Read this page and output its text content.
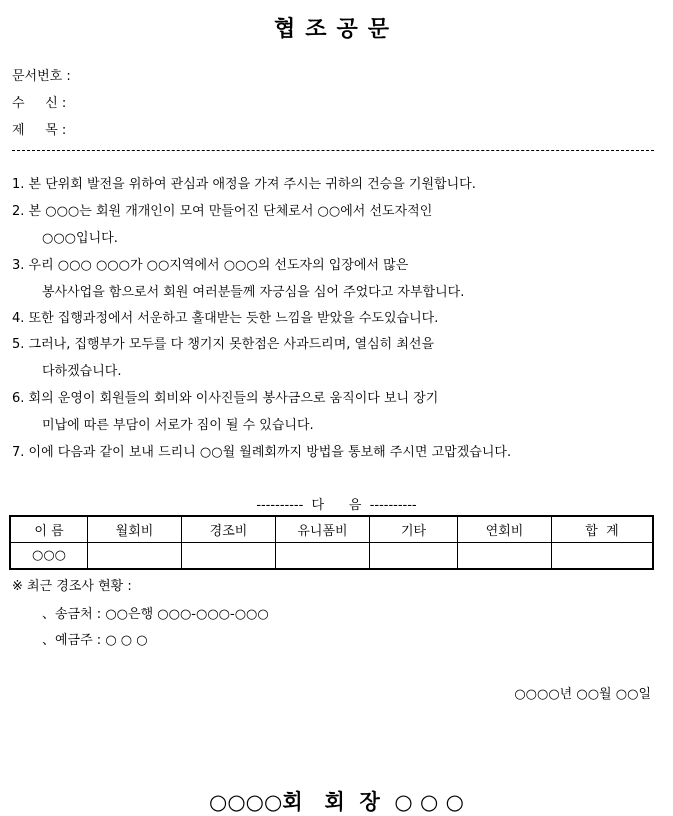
협조공문
문서번호 :
수     신 :
제     목 :
1. 본 단위회 발전을 위하여 관심과 애정을 가져 주시는 귀하의 건승을 기원합니다.
2. 본 ○○○는 회원 개개인이 모여 만들어진 단체로서 ○○에서 선도자적인
○○○입니다.
3. 우리 ○○○ ○○○가 ○○지역에서 ○○○의 선도자의 입장에서 많은
봉사사업을 함으로서 회원 여러분들께 자긍심을 심어 주었다고 자부합니다.
4. 또한 집행과정에서 서운하고 홀대받는 듯한 느낌을 받았을 수도있습니다.
5. 그러나, 집행부가 모두를 다 챙기지 못한점은 사과드리며, 열심히 최선을
다하겠습니다.
6. 회의 운영이 회원들의 회비와 이사진들의 봉사금으로 움직이다 보니 장기
미납에 따른 부담이 서로가 짐이 될 수 있습니다.
7. 이에 다음과 같이 보내 드리니 ○○월 월례회까지 방법을 통보해 주시면 고맙겠습니다.
----------  다      음  ----------
이 름	월회비	경조비	유니폼비	기타	연회비	합  계
○○○						
※ 최근 경조사 현황 :
、송금처 : ○○은행 ○○○-○○○-○○○
、예금주 : ○ ○ ○
○○○○년 ○○월 ○○일
○○○○회   회  장  ○ ○ ○
